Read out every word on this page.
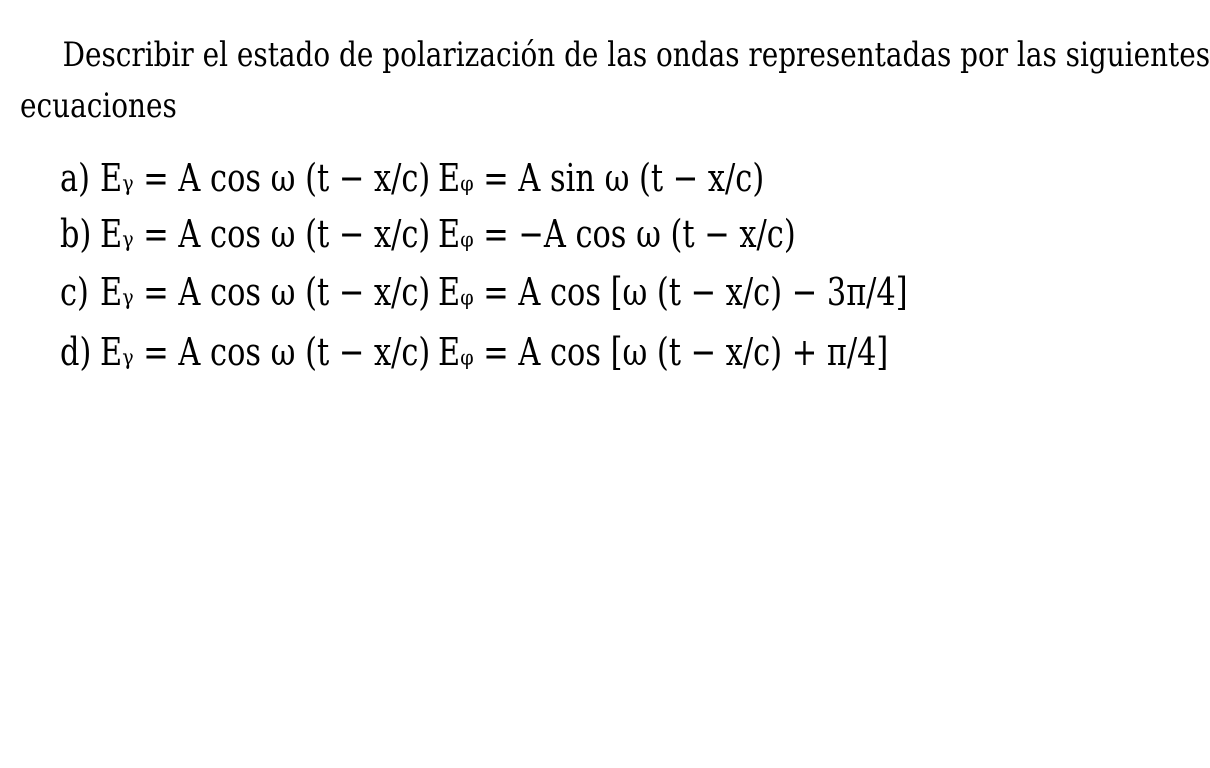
Describir el estado de polarización de las ondas representadas por las siguientes
ecuaciones
a) Eᵧ = A cos ω (t − x/c) Eᵩ = A sin ω (t − x/c)
b) Eᵧ = A cos ω (t − x/c) Eᵩ = −A cos ω (t − x/c)
c) Eᵧ = A cos ω (t − x/c) Eᵩ = A cos [ω (t − x/c) − 3π/4]
d) Eᵧ = A cos ω (t − x/c) Eᵩ = A cos [ω (t − x/c) + π/4]
